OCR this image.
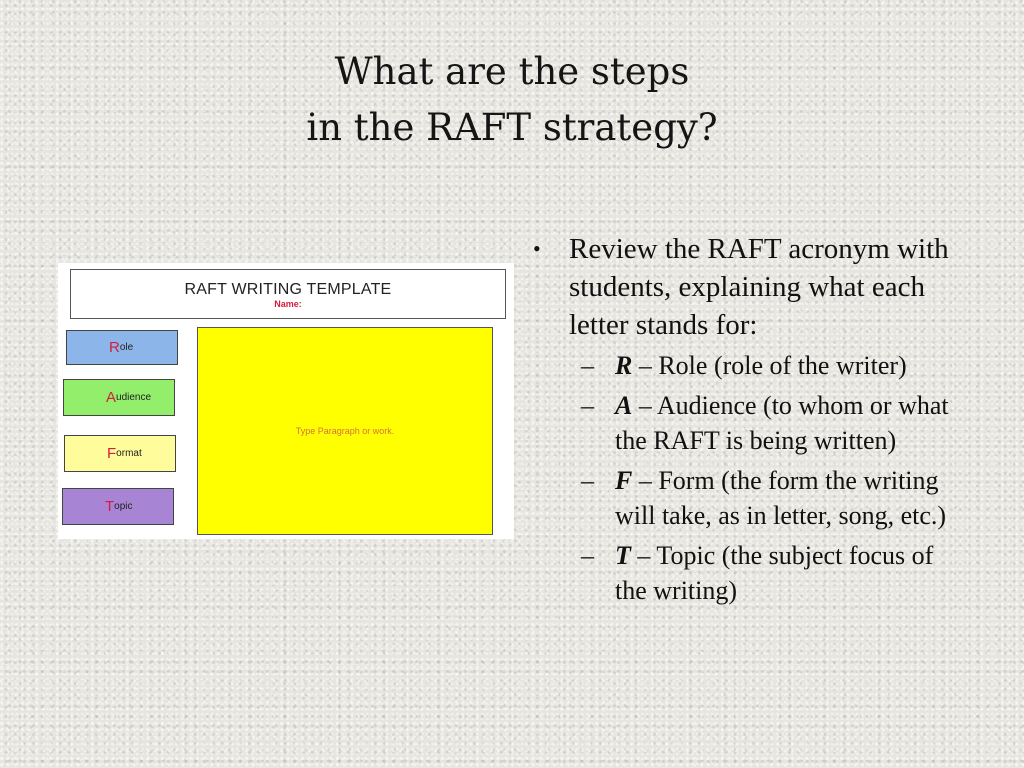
What are the steps
in the RAFT strategy?
RAFT WRITING TEMPLATE
Name:
R ole
A udience
F ormat
T opic
Type Paragraph or work.
• Review the RAFT acronym with students, explaining what each letter stands for:
– R – Role (role of the writer)
– A – Audience (to whom or what the RAFT is being written)
– F – Form (the form the writing will take, as in letter, song, etc.)
– T – Topic (the subject focus of the writing)
